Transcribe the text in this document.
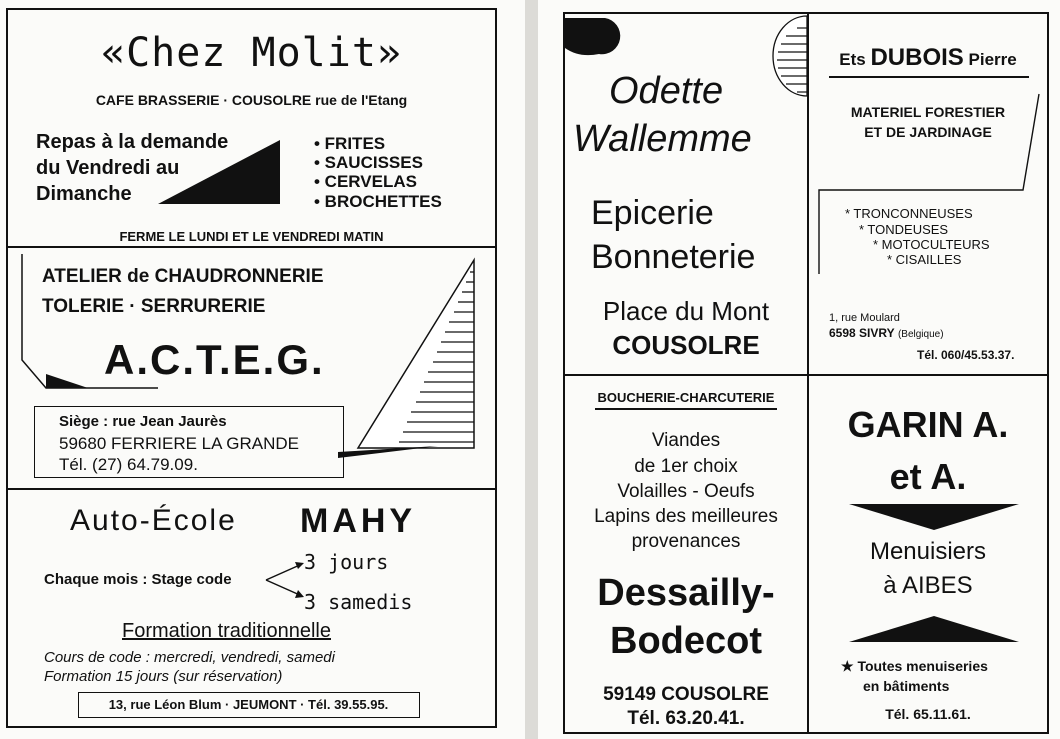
«Chez Molit»
CAFE BRASSERIE · COUSOLRE rue de l'Etang
Repas à la demande
du Vendredi au
Dimanche
• FRITES
• SAUCISSES
• CERVELAS
• BROCHETTES
FERME LE LUNDI ET LE VENDREDI MATIN
ATELIER de CHAUDRONNERIE
TOLERIE · SERRURERIE
A.C.T.E.G.
Siège : rue Jean Jaurès
59680 FERRIERE LA GRANDE
Tél. (27) 64.79.09.
Auto-École MAHY
Chaque mois : Stage code
3 jours
3 samedis
Formation traditionnelle
Cours de code : mercredi, vendredi, samedi
Formation 15 jours (sur réservation)
13, rue Léon Blum · JEUMONT · Tél. 39.55.95.
Odette
Wallemme
Epicerie
Bonneterie
Place du Mont
COUSOLRE
Ets DUBOIS Pierre
MATERIEL FORESTIER
ET DE JARDINAGE
* TRONCONNEUSES
* TONDEUSES
* MOTOCULTEURS
* CISAILLES
1, rue Moulard
6598 SIVRY (Belgique)
Tél. 060/45.53.37.
BOUCHERIE-CHARCUTERIE
Viandes
de 1er choix
Volailles - Oeufs
Lapins des meilleures
provenances
Dessailly-
Bodecot
59149 COUSOLRE
Tél. 63.20.41.
GARIN A.
et A.
Menuisiers
à AIBES
★ Toutes menuiseries
en bâtiments
Tél. 65.11.61.
